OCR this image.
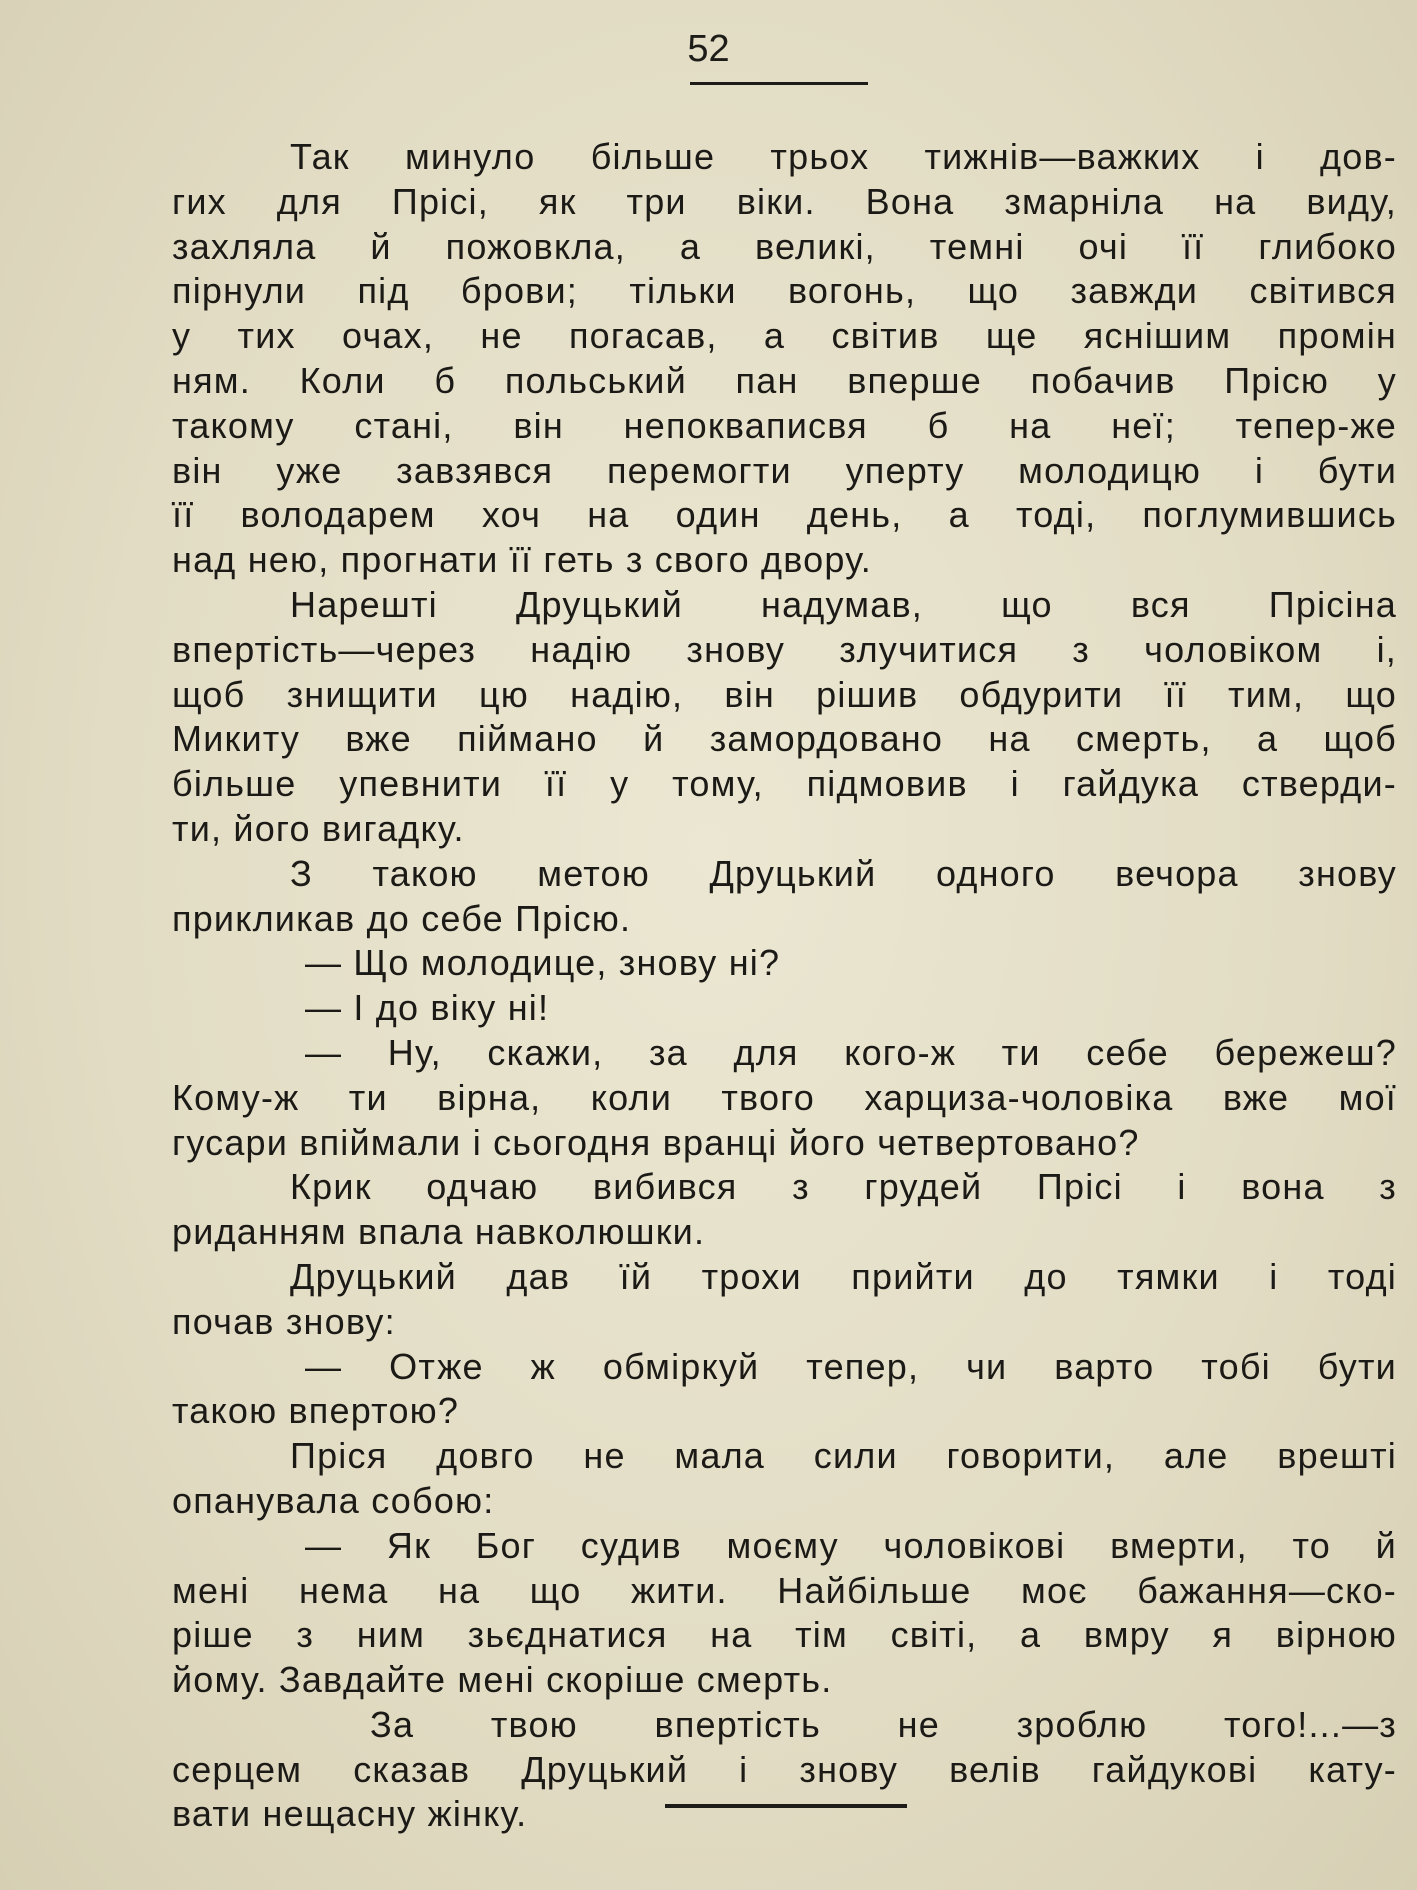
52
Так минуло більше трьох тижнів—важких і дов-
гих для Прісі, як три віки. Вона змарніла на виду,
захляла й пожовкла, а великі, темні очі її глибоко
пірнули під брови; тільки вогонь, що завжди світився
у тих очах, не погасав, а світив ще яснішим промін
ням. Коли б польський пан вперше побачив Прісю у
такому стані, він непокваписвя б на неї; тепер-же
він уже завзявся перемогти уперту молодицю і бути
її володарем хоч на один день, а тоді, поглумившись
над нею, прогнати її геть з свого двору.
Нарешті Друцький надумав, що вся Прісіна
впертість—через надію знову злучитися з чоловіком і,
щоб знищити цю надію, він рішив обдурити її тим, що
Микиту вже піймано й замордовано на смерть, а щоб
більше упевнити її у тому, підмовив і гайдука стверди-
ти, його вигадку.
З такою метою Друцький одного вечора знову
прикликав до себе Прісю.
— Що молодице, знову ні?
— І до віку ні!
— Ну, скажи, за для кого-ж ти себе бережеш?
Кому-ж ти вірна, коли твого харциза-чоловіка вже мої
гусари впіймали і сьогодня вранці його четвертовано?
Крик одчаю вибився з грудей Прісі і вона з
риданням впала навколюшки.
Друцький дав їй трохи прийти до тямки і тоді
почав знову:
— Отже ж обміркуй тепер, чи варто тобі бути
такою впертою?
Пріся довго не мала сили говорити, але врешті
опанувала собою:
— Як Бог судив моєму чоловікові вмерти, то й
мені нема на що жити. Найбільше моє бажання—ско-
ріше з ним зьєднатися на тім світі, а вмру я вірною
йому. Завдайте мені скоріше смерть.
За твою впертість не зроблю того!...—з
серцем сказав Друцький і знову велів гайдукові кату-
вати нещасну жінку.
